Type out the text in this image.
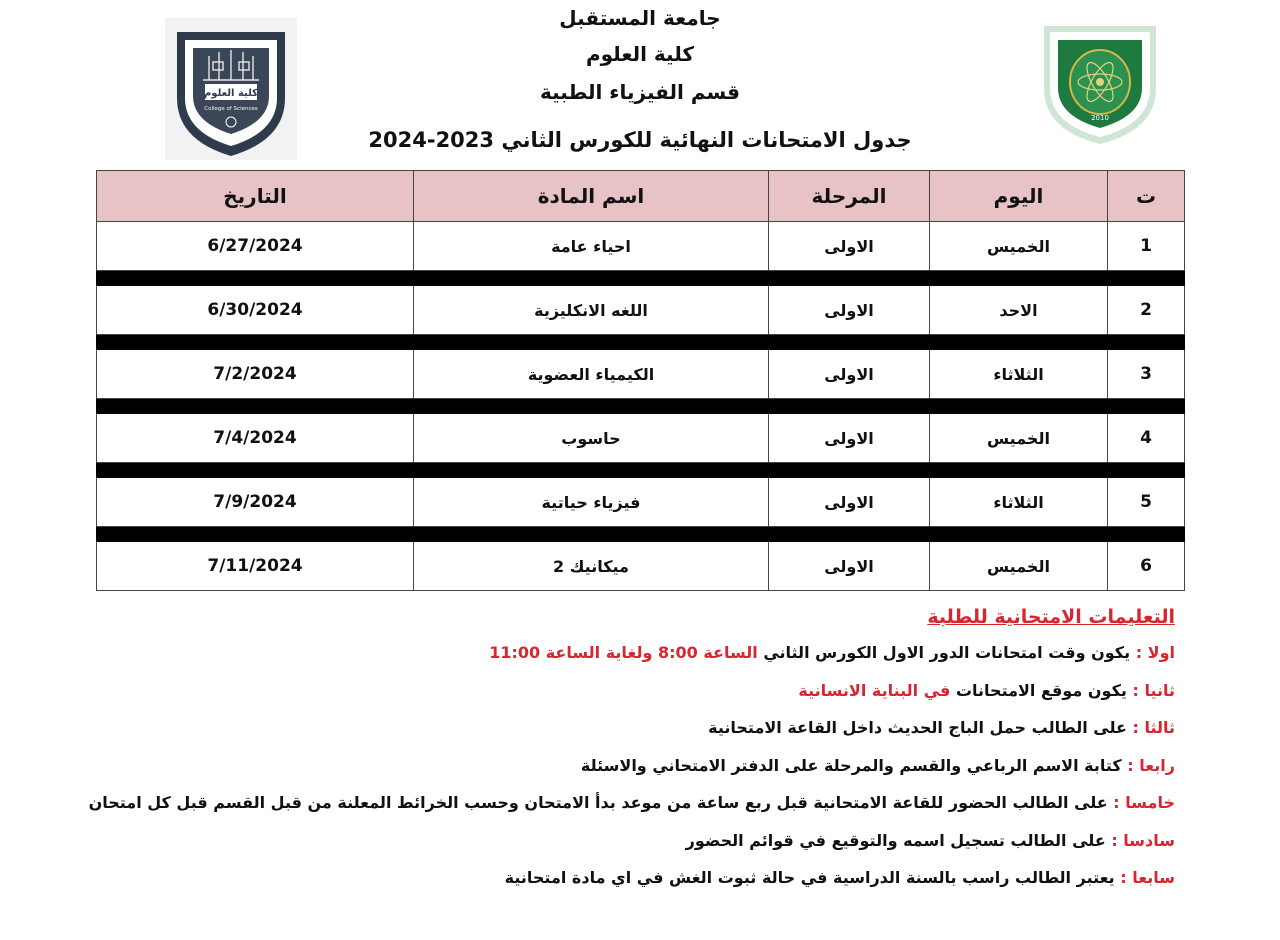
جامعة المستقبل
كلية العلوم
قسم الفيزياء الطبية
جدول الامتحانات النهائية للكورس الثاني 2023-2024
كلية العلوم
College of Sciences
2010
ت	اليوم	المرحلة	اسم المادة	التاريخ
1	الخميس	الاولى	احياء عامة	6/27/2024

2	الاحد	الاولى	اللغه الانكليزية	6/30/2024

3	الثلاثاء	الاولى	الكيمياء العضوية	7/2/2024

4	الخميس	الاولى	حاسوب	7/4/2024

5	الثلاثاء	الاولى	فيزياء حياتية	7/9/2024

6	الخميس	الاولى	ميكانيك 2	7/11/2024
التعليمات الامتحانية للطلبة
اولا : يكون وقت امتحانات الدور الاول الكورس الثاني الساعة 8:00 ولغاية الساعة 11:00
ثانيا : يكون موقع الامتحانات في البناية الانسانية
ثالثا : على الطالب حمل الباج الحديث داخل القاعة الامتحانية
رابعا : كتابة الاسم الرباعي والقسم والمرحلة على الدفتر الامتحاني والاسئلة
خامسا : على الطالب الحضور للقاعة الامتحانية قبل ربع ساعة من موعد بدأ الامتحان وحسب الخرائط المعلنة من قبل القسم قبل كل امتحان
سادسا : على الطالب تسجيل اسمه والتوقيع في قوائم الحضور
سابعا : يعتبر الطالب راسب بالسنة الدراسية في حالة ثبوت الغش في اي مادة امتحانية
